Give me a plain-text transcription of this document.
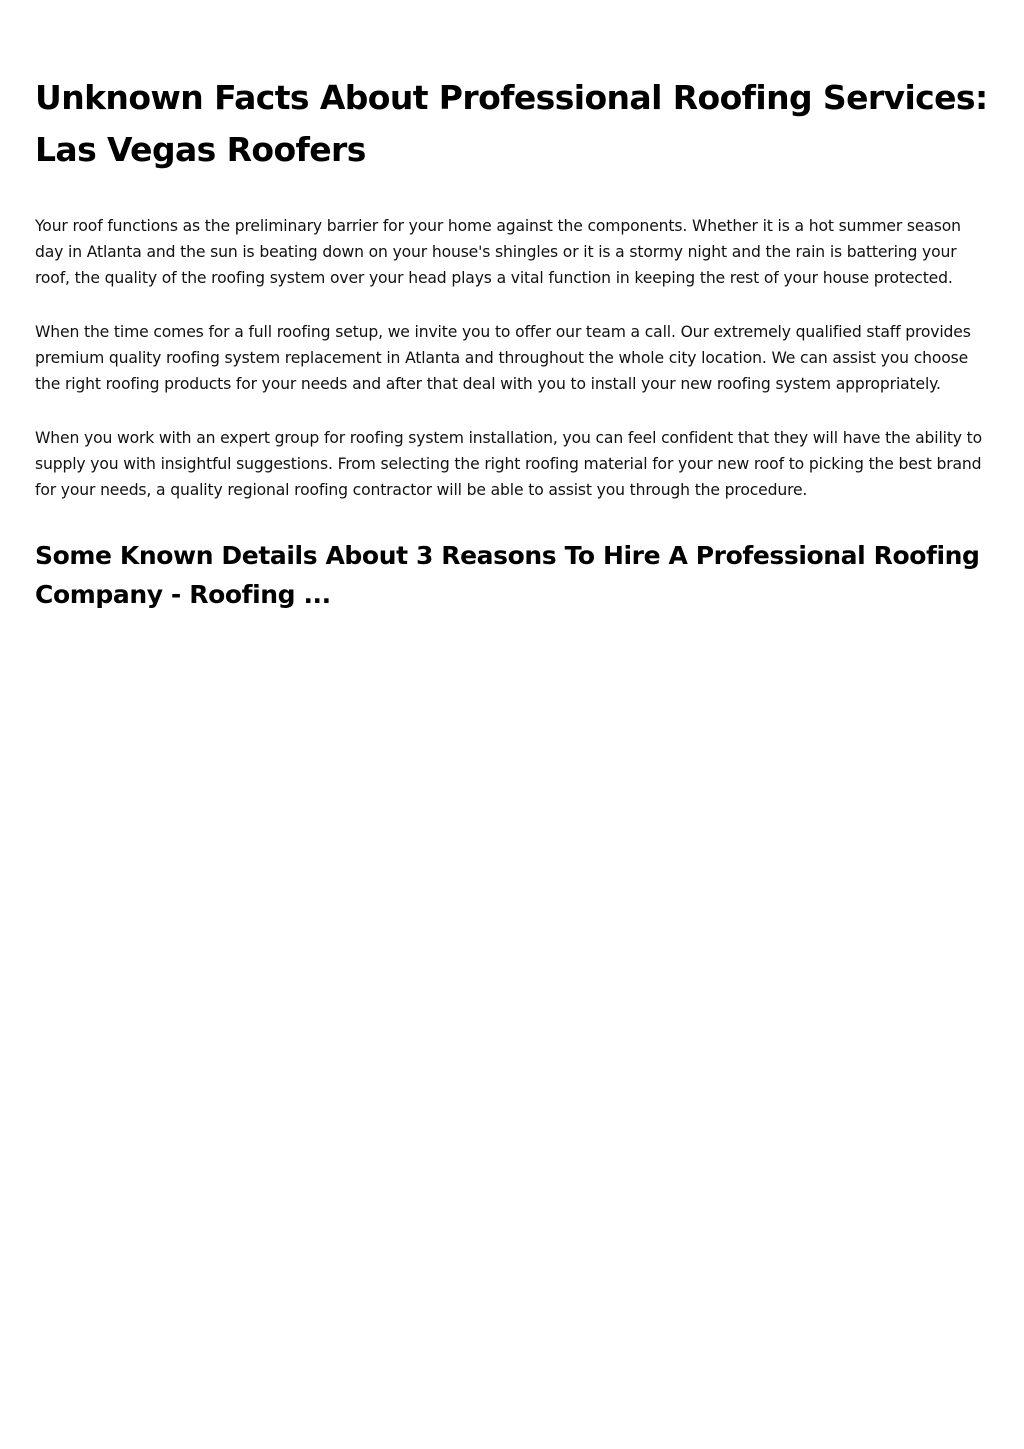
Unknown Facts About Professional Roofing Services:
Las Vegas Roofers

Your roof functions as the preliminary barrier for your home against the components. Whether it is a hot summer season day in Atlanta and the sun is beating down on your house's shingles or it is a stormy night and the rain is battering your roof, the quality of the roofing system over your head plays a vital function in keeping the rest of your house protected.

When the time comes for a full roofing setup, we invite you to offer our team a call. Our extremely qualified staff provides premium quality roofing system replacement in Atlanta and throughout the whole city location. We can assist you choose the right roofing products for your needs and after that deal with you to install your new roofing system appropriately.

When you work with an expert group for roofing system installation, you can feel confident that they will have the ability to supply you with insightful suggestions. From selecting the right roofing material for your new roof to picking the best brand for your needs, a quality regional roofing contractor will be able to assist you through the procedure.

Some Known Details About 3 Reasons To Hire A Professional Roofing
Company - Roofing ...
